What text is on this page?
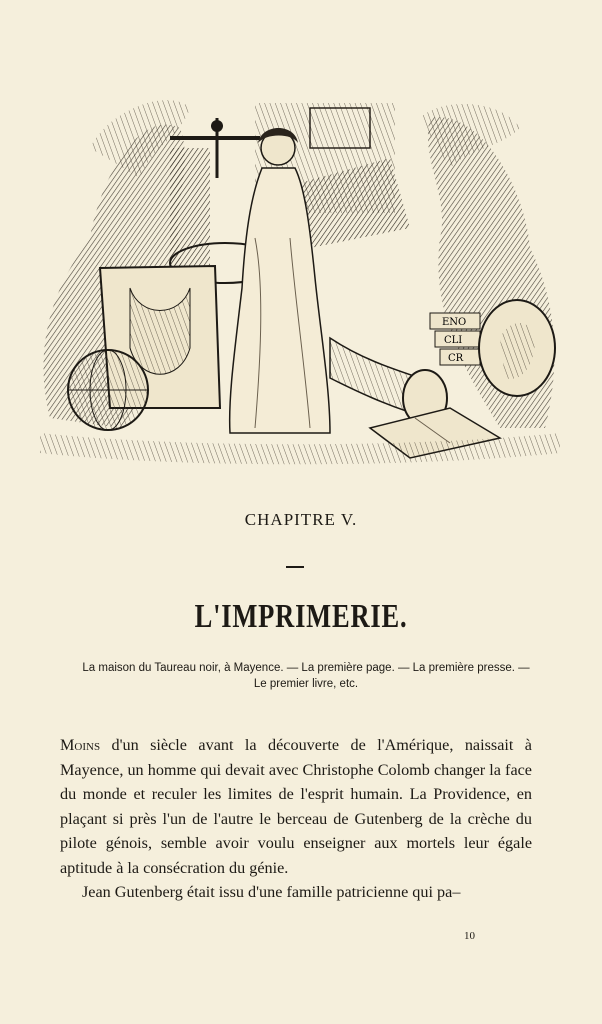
ENO
CLI
CR
CHAPITRE V.
L'IMPRIMERIE.
La maison du Taureau noir, à Mayence. — La première page. — La première presse. —
Le premier livre, etc.

Moins d'un siècle avant la découverte de l'Amérique, naissait à Mayence, un homme qui devait avec Christophe Colomb changer la face du monde et reculer les limites de l'esprit humain. La Providence, en plaçant si près l'un de l'autre le berceau de Gutenberg de la crèche du pilote génois, semble avoir voulu enseigner aux mortels leur égale aptitude à la consécration du génie.

Jean Gutenberg était issu d'une famille patricienne qui pa–

10
